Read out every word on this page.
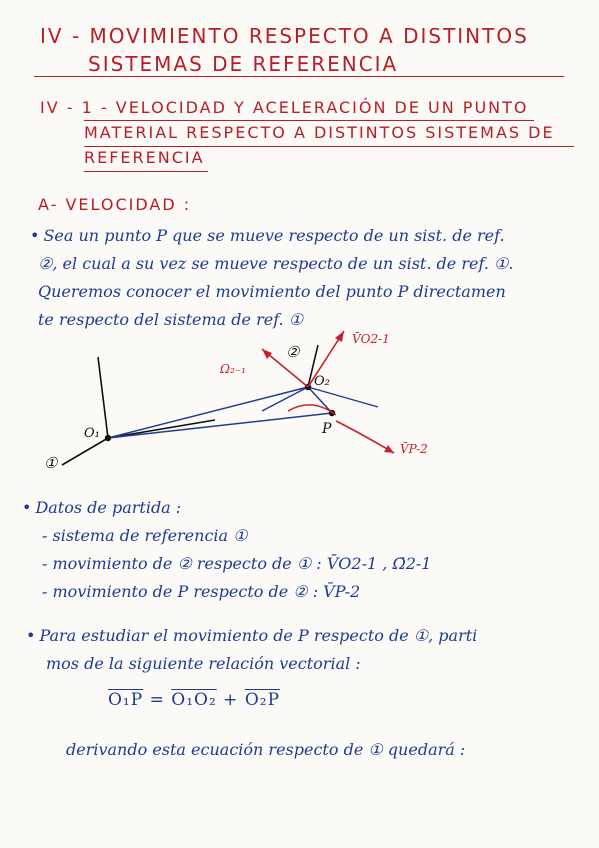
IV - MOVIMIENTO RESPECTO A DISTINTOS
SISTEMAS DE REFERENCIA
IV - 1 - VELOCIDAD Y ACELERACIÓN DE UN PUNTO
MATERIAL RESPECTO A DISTINTOS SISTEMAS DE
REFERENCIA
A- VELOCIDAD :
• Sea un punto P que se mueve respecto de un sist. de ref.
②, el cual a su vez se mueve respecto de un sist. de ref. ①.
Queremos conocer el movimiento del punto P directamen
te respecto del sistema de ref. ①
O₁
O₂
P
①
②
Ω₂₋₁
V̄O2-1
V̄P-2
• Datos de partida :
- sistema de referencia ①
- movimiento de ② respecto de ① : V̄O2-1 , Ω̄2-1
- movimiento de P respecto de ② : V̄P-2
• Para estudiar el movimiento de P respecto de ①, parti
mos de la siguiente relación vectorial :
O₁P = O₁O₂ + O₂P
derivando esta ecuación respecto de ① quedará :
